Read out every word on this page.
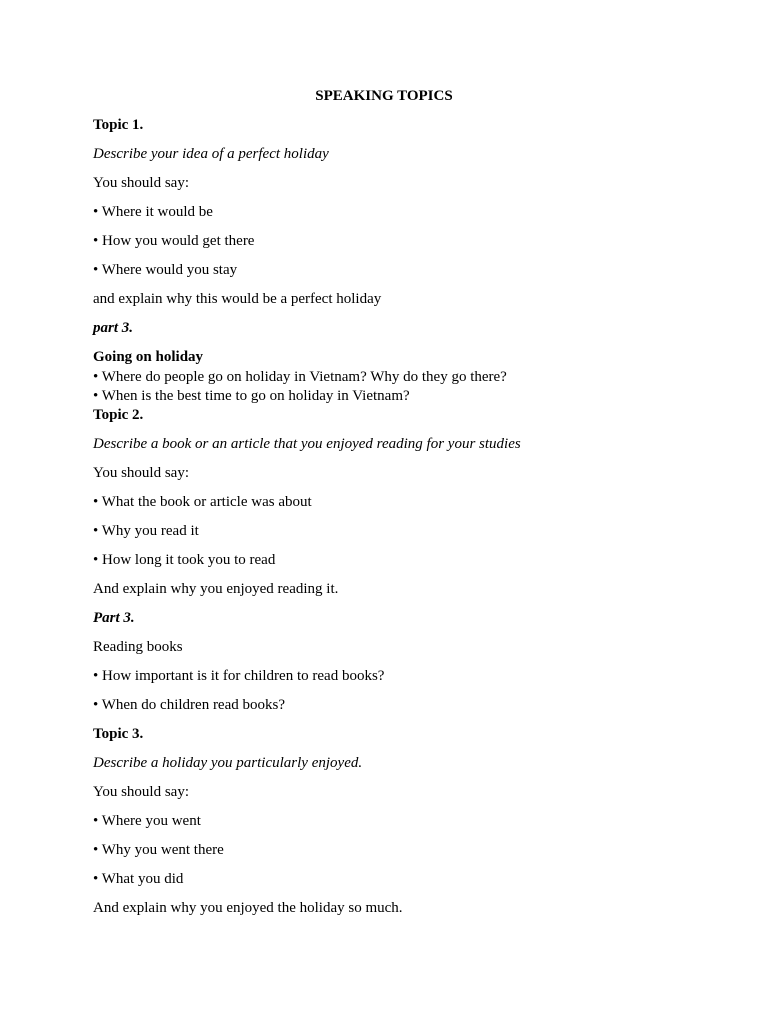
SPEAKING TOPICS
Topic 1.
Describe your idea of a perfect holiday
You should say:
• Where it would be
• How you would get there
• Where would you stay
and explain why this would be a perfect holiday
part 3.
Going on holiday
• Where do people go on holiday in Vietnam? Why do they go there?
• When is the best time to go on holiday in Vietnam?
Topic 2.
Describe a book or an article that you enjoyed reading for your studies
You should say:
• What the book or article was about
• Why you read it
• How long it took you to read
And explain why you enjoyed reading it.
Part 3.
Reading books
• How important is it for children to read books?
• When do children read books?
Topic 3.
Describe a holiday you particularly enjoyed.
You should say:
• Where you went
• Why you went there
• What you did
And explain why you enjoyed the holiday so much.
